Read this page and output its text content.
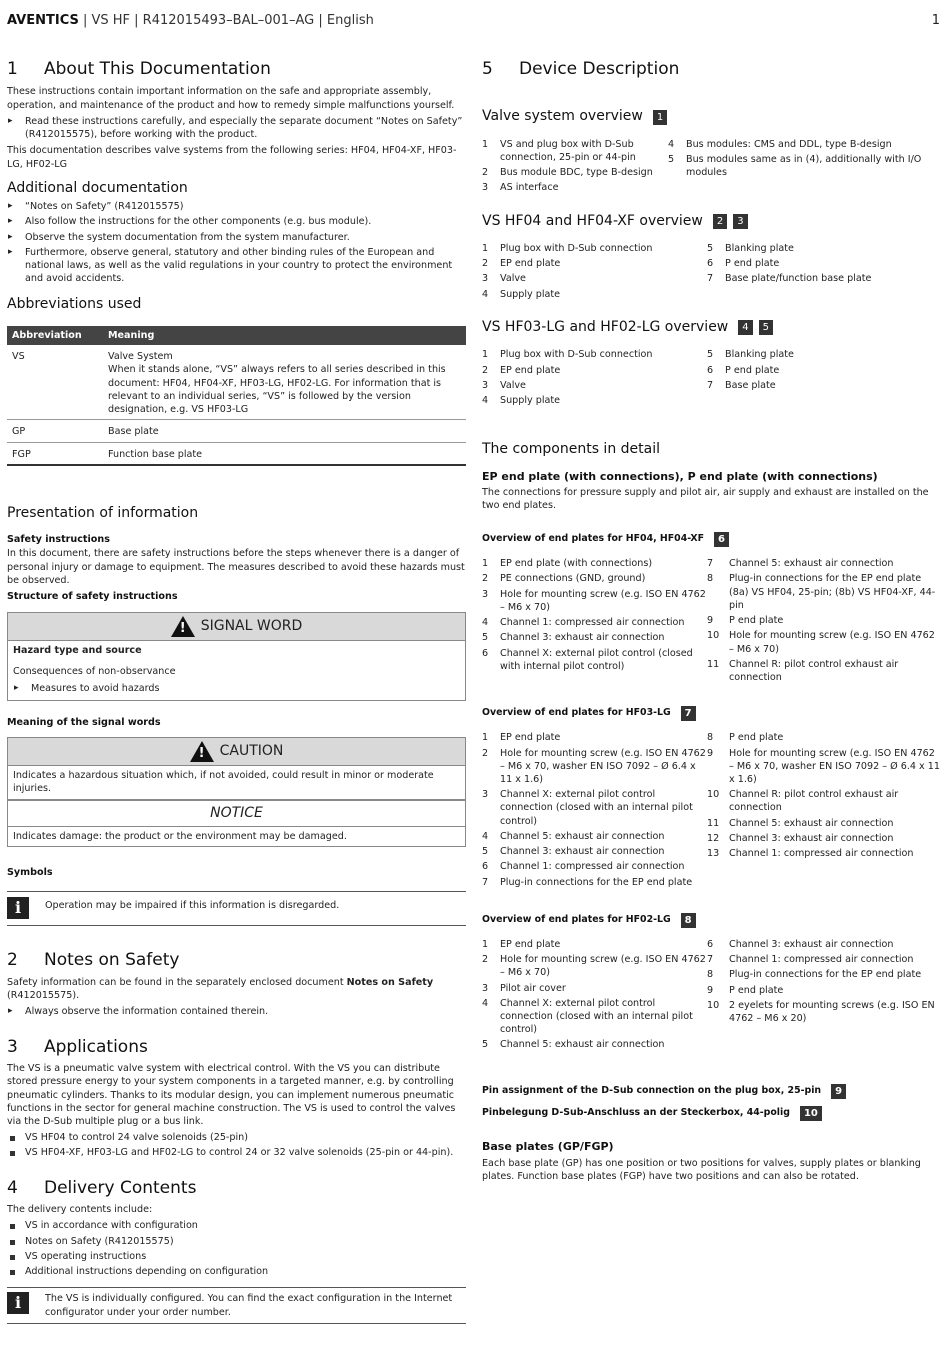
AVENTICS | VS HF | R412015493–BAL–001–AG | English	1
1	About This Documentation

These instructions contain important information on the safe and appropriate assembly, operation, and maintenance of the product and how to remedy simple malfunctions yourself.

▸ Read these instructions carefully, and especially the separate document “Notes on Safety” (R412015575), before working with the product.

This documentation describes valve systems from the following series: HF04, HF04-XF, HF03-LG, HF02-LG

Additional documentation
▸ “Notes on Safety” (R412015575)
▸ Also follow the instructions for the other components (e.g. bus module).
▸ Observe the system documentation from the system manufacturer.
▸ Furthermore, observe general, statutory and other binding rules of the European and national laws, as well as the valid regulations in your country to protect the environment and avoid accidents.
Abbreviations used
Abbreviation	Meaning
VS	Valve System
When it stands alone, “VS” always refers to all series described in this document: HF04, HF04-XF, HF03-LG, HF02-LG. For information that is relevant to an individual series, “VS” is followed by the version designation, e.g. VS HF03-LG

GP	Base plate
FGP	Function base plate
Presentation of information
Safety instructions

In this document, there are safety instructions before the steps whenever there is a danger of personal injury or damage to equipment. The measures described to avoid these hazards must be observed.

Structure of safety instructions
!
SIGNAL WORD
Hazard type and source
Consequences of non-observance
▸ Measures to avoid hazards
Meaning of the signal words
!
CAUTION
Indicates a hazardous situation which, if not avoided, could result in minor or moderate injuries.
NOTICE
Indicates damage: the product or the environment may be damaged.
Symbols
i	Operation may be impaired if this information is disregarded.
2	Notes on Safety

Safety information can be found in the separately enclosed document Notes on Safety (R412015575).

▸ Always observe the information contained therein.
3	Applications

The VS is a pneumatic valve system with electrical control. With the VS you can distribute stored pressure energy to your system components in a targeted manner, e.g. by controlling pneumatic cylinders. Thanks to its modular design, you can implement numerous pneumatic functions in the sector for general machine construction. The VS is used to control the valves via the D-Sub multiple plug or a bus link.

VS HF04 to control 24 valve solenoids (25-pin)
VS HF04-XF, HF03-LG and HF02-LG to control 24 or 32 valve solenoids (25-pin or 44-pin).
4	Delivery Contents

The delivery contents include:

VS in accordance with configuration
Notes on Safety (R412015575)
VS operating instructions
Additional instructions depending on configuration
i	The VS is individually configured. You can find the exact configuration in the Internet configurator under your order number.
5	Device Description
Valve system overview	1
1	VS and plug box with D-Sub connection, 25-pin or 44-pin
2	Bus module BDC, type B-design
3	AS interface
4	Bus modules: CMS and DDL, type B-design
5	Bus modules same as in (4), additionally with I/O modules
VS HF04 and HF04-XF overview	2	3
1	Plug box with D-Sub connection
2	EP end plate
3	Valve
4	Supply plate
5	Blanking plate
6	P end plate
7	Base plate/function base plate
VS HF03-LG and HF02-LG overview	4	5
1	Plug box with D-Sub connection
2	EP end plate
3	Valve
4	Supply plate
5	Blanking plate
6	P end plate
7	Base plate
The components in detail
EP end plate (with connections), P end plate (with connections)

The connections for pressure supply and pilot air, air supply and exhaust are installed on the two end plates.

Overview of end plates for HF04, HF04-XF	6
1	EP end plate (with connections)
2	PE connections (GND, ground)
3	Hole for mounting screw (e.g. ISO EN 4762 – M6 x 70)
4	Channel 1: compressed air connection
5	Channel 3: exhaust air connection
6	Channel X: external pilot control (closed with internal pilot control)
7	Channel 5: exhaust air connection
8	Plug-in connections for the EP end plate (8a) VS HF04, 25-pin; (8b) VS HF04-XF, 44-pin
9	P end plate
10	Hole for mounting screw (e.g. ISO EN 4762 – M6 x 70)
11	Channel R: pilot control exhaust air connection
Overview of end plates for HF03-LG	7
1	EP end plate
2	Hole for mounting screw (e.g. ISO EN 4762 – M6 x 70, washer EN ISO 7092 – Ø 6.4 x 11 x 1.6)
3	Channel X: external pilot control connection (closed with an internal pilot control)
4	Channel 5: exhaust air connection
5	Channel 3: exhaust air connection
6	Channel 1: compressed air connection
7	Plug-in connections for the EP end plate
8	P end plate
9	Hole for mounting screw (e.g. ISO EN 4762 – M6 x 70, washer EN ISO 7092 – Ø 6.4 x 11 x 1.6)
10	Channel R: pilot control exhaust air connection
11	Channel 5: exhaust air connection
12	Channel 3: exhaust air connection
13	Channel 1: compressed air connection
Overview of end plates for HF02-LG	8
1	EP end plate
2	Hole for mounting screw (e.g. ISO EN 4762 – M6 x 70)
3	Pilot air cover
4	Channel X: external pilot control connection (closed with an internal pilot control)
5	Channel 5: exhaust air connection
6	Channel 3: exhaust air connection
7	Channel 1: compressed air connection
8	Plug-in connections for the EP end plate
9	P end plate
10	2 eyelets for mounting screws (e.g. ISO EN 4762 – M6 x 20)
Pin assignment of the D-Sub connection on the plug box, 25-pin	9
Pinbelegung D-Sub-Anschluss an der Steckerbox, 44-polig	10
Base plates (GP/FGP)

Each base plate (GP) has one position or two positions for valves, supply plates or blanking plates. Function base plates (FGP) have two positions and can also be rotated.
